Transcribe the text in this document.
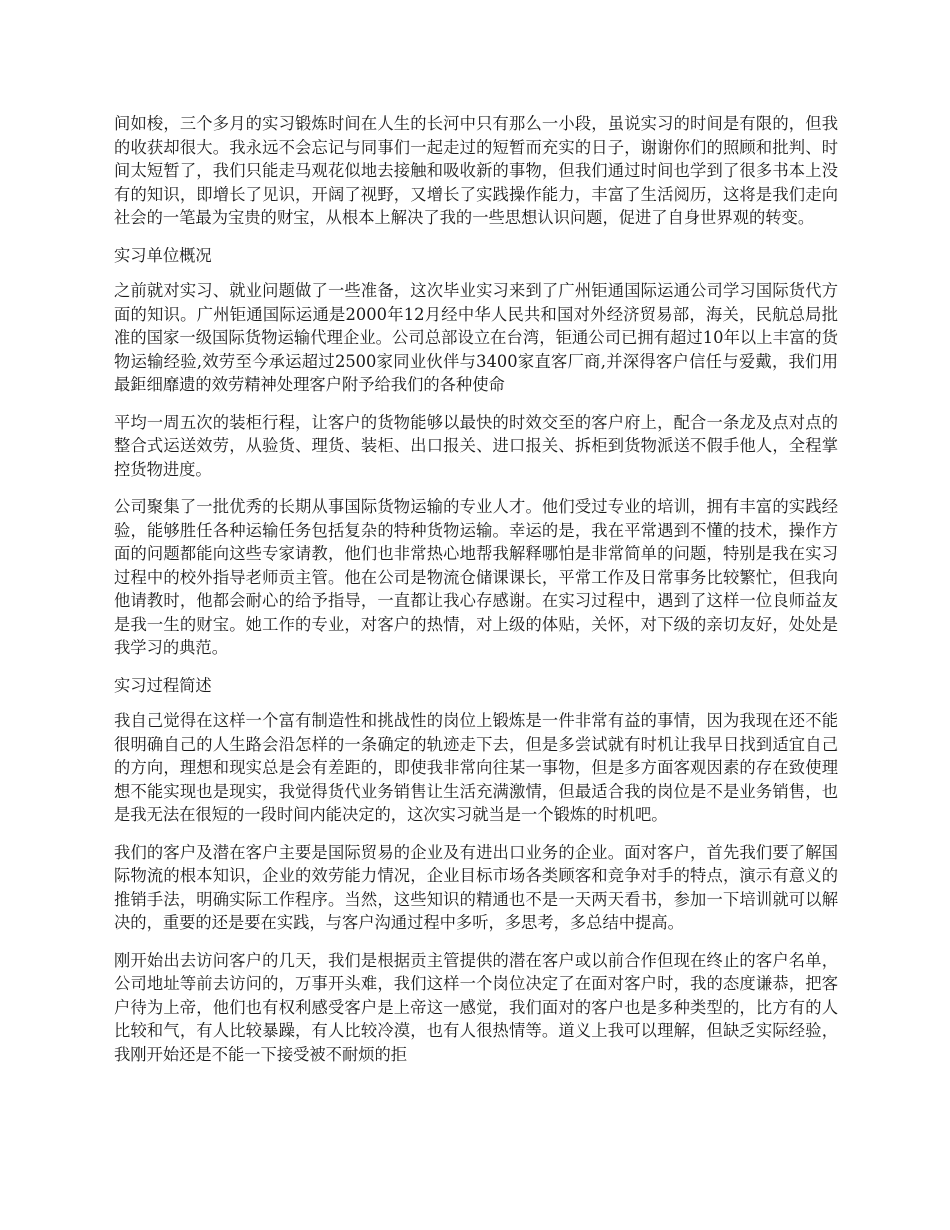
间如梭，三个多月的实习锻炼时间在人生的长河中只有那么一小段，虽说实习的时间是有限的，但我的收获却很大。我永远不会忘记与同事们一起走过的短暂而充实的日子，谢谢你们的照顾和批判、时间太短暂了，我们只能走马观花似地去接触和吸收新的事物，但我们通过时间也学到了很多书本上没有的知识，即增长了见识，开阔了视野，又增长了实践操作能力，丰富了生活阅历，这将是我们走向社会的一笔最为宝贵的财宝，从根本上解决了我的一些思想认识问题，促进了自身世界观的转变。

实习单位概况

之前就对实习、就业问题做了一些准备，这次毕业实习来到了广州钜通国际运通公司学习国际货代方面的知识。广州钜通国际运通是2000年12月经中华人民共和国对外经济贸易部，海关，民航总局批准的国家一级国际货物运输代理企业。公司总部设立在台湾，钜通公司已拥有超过10年以上丰富的货物运输经验,效劳至今承运超过2500家同业伙伴与3400家直客厂商,并深得客户信任与爱戴，我们用最鉅细靡遗的效劳精神处理客户附予给我们的各种使命

平均一周五次的装柜行程，让客户的货物能够以最快的时效交至的客户府上，配合一条龙及点对点的整合式运送效劳，从验货、理货、装柜、出口报关、进口报关、拆柜到货物派送不假手他人，全程掌控货物进度。

公司聚集了一批优秀的长期从事国际货物运输的专业人才。他们受过专业的培训，拥有丰富的实践经验，能够胜任各种运输任务包括复杂的特种货物运输。幸运的是，我在平常遇到不懂的技术，操作方面的问题都能向这些专家请教，他们也非常热心地帮我解释哪怕是非常简单的问题，特别是我在实习过程中的校外指导老师贡主管。他在公司是物流仓储课课长，平常工作及日常事务比较繁忙，但我向他请教时，他都会耐心的给予指导，一直都让我心存感谢。在实习过程中，遇到了这样一位良师益友是我一生的财宝。她工作的专业，对客户的热情，对上级的体贴，关怀，对下级的亲切友好，处处是我学习的典范。

实习过程简述

我自己觉得在这样一个富有制造性和挑战性的岗位上锻炼是一件非常有益的事情，因为我现在还不能很明确自己的人生路会沿怎样的一条确定的轨迹走下去，但是多尝试就有时机让我早日找到适宜自己的方向，理想和现实总是会有差距的，即使我非常向往某一事物，但是多方面客观因素的存在致使理想不能实现也是现实，我觉得货代业务销售让生活充满激情，但最适合我的岗位是不是业务销售，也是我无法在很短的一段时间内能决定的，这次实习就当是一个锻炼的时机吧。

我们的客户及潜在客户主要是国际贸易的企业及有进出口业务的企业。面对客户，首先我们要了解国际物流的根本知识，企业的效劳能力情况，企业目标市场各类顾客和竞争对手的特点，演示有意义的推销手法，明确实际工作程序。当然，这些知识的精通也不是一天两天看书，参加一下培训就可以解决的，重要的还是要在实践，与客户沟通过程中多听，多思考，多总结中提高。

刚开始出去访问客户的几天，我们是根据贡主管提供的潜在客户或以前合作但现在终止的客户名单，公司地址等前去访问的，万事开头难，我们这样一个岗位决定了在面对客户时，我的态度谦恭，把客户待为上帝，他们也有权利感受客户是上帝这一感觉，我们面对的客户也是多种类型的，比方有的人比较和气，有人比较暴躁，有人比较冷漠，也有人很热情等。道义上我可以理解，但缺乏实际经验，我刚开始还是不能一下接受被不耐烦的拒
